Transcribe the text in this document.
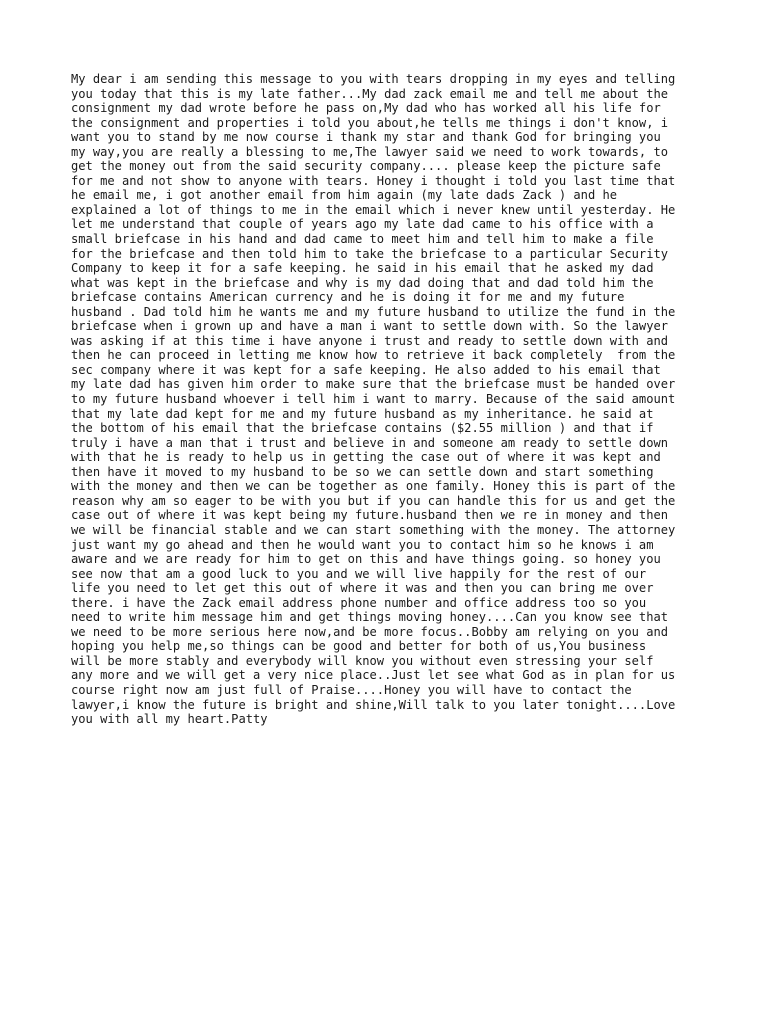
My dear i am sending this message to you with tears dropping in my eyes and telling
you today that this is my late father...My dad zack email me and tell me about the
consignment my dad wrote before he pass on,My dad who has worked all his life for
the consignment and properties i told you about,he tells me things i don't know, i
want you to stand by me now course i thank my star and thank God for bringing you
my way,you are really a blessing to me,The lawyer said we need to work towards, to
get the money out from the said security company.... please keep the picture safe
for me and not show to anyone with tears. Honey i thought i told you last time that
he email me, i got another email from him again (my late dads Zack ) and he
explained a lot of things to me in the email which i never knew until yesterday. He
let me understand that couple of years ago my late dad came to his office with a
small briefcase in his hand and dad came to meet him and tell him to make a file
for the briefcase and then told him to take the briefcase to a particular Security
Company to keep it for a safe keeping. he said in his email that he asked my dad
what was kept in the briefcase and why is my dad doing that and dad told him the
briefcase contains American currency and he is doing it for me and my future
husband . Dad told him he wants me and my future husband to utilize the fund in the
briefcase when i grown up and have a man i want to settle down with. So the lawyer
was asking if at this time i have anyone i trust and ready to settle down with and
then he can proceed in letting me know how to retrieve it back completely  from the
sec company where it was kept for a safe keeping. He also added to his email that
my late dad has given him order to make sure that the briefcase must be handed over
to my future husband whoever i tell him i want to marry. Because of the said amount
that my late dad kept for me and my future husband as my inheritance. he said at
the bottom of his email that the briefcase contains ($2.55 million ) and that if
truly i have a man that i trust and believe in and someone am ready to settle down
with that he is ready to help us in getting the case out of where it was kept and
then have it moved to my husband to be so we can settle down and start something
with the money and then we can be together as one family. Honey this is part of the
reason why am so eager to be with you but if you can handle this for us and get the
case out of where it was kept being my future.husband then we re in money and then
we will be financial stable and we can start something with the money. The attorney
just want my go ahead and then he would want you to contact him so he knows i am
aware and we are ready for him to get on this and have things going. so honey you
see now that am a good luck to you and we will live happily for the rest of our
life you need to let get this out of where it was and then you can bring me over
there. i have the Zack email address phone number and office address too so you
need to write him message him and get things moving honey....Can you know see that
we need to be more serious here now,and be more focus..Bobby am relying on you and
hoping you help me,so things can be good and better for both of us,You business
will be more stably and everybody will know you without even stressing your self
any more and we will get a very nice place..Just let see what God as in plan for us
course right now am just full of Praise....Honey you will have to contact the
lawyer,i know the future is bright and shine,Will talk to you later tonight....Love
you with all my heart.Patty
